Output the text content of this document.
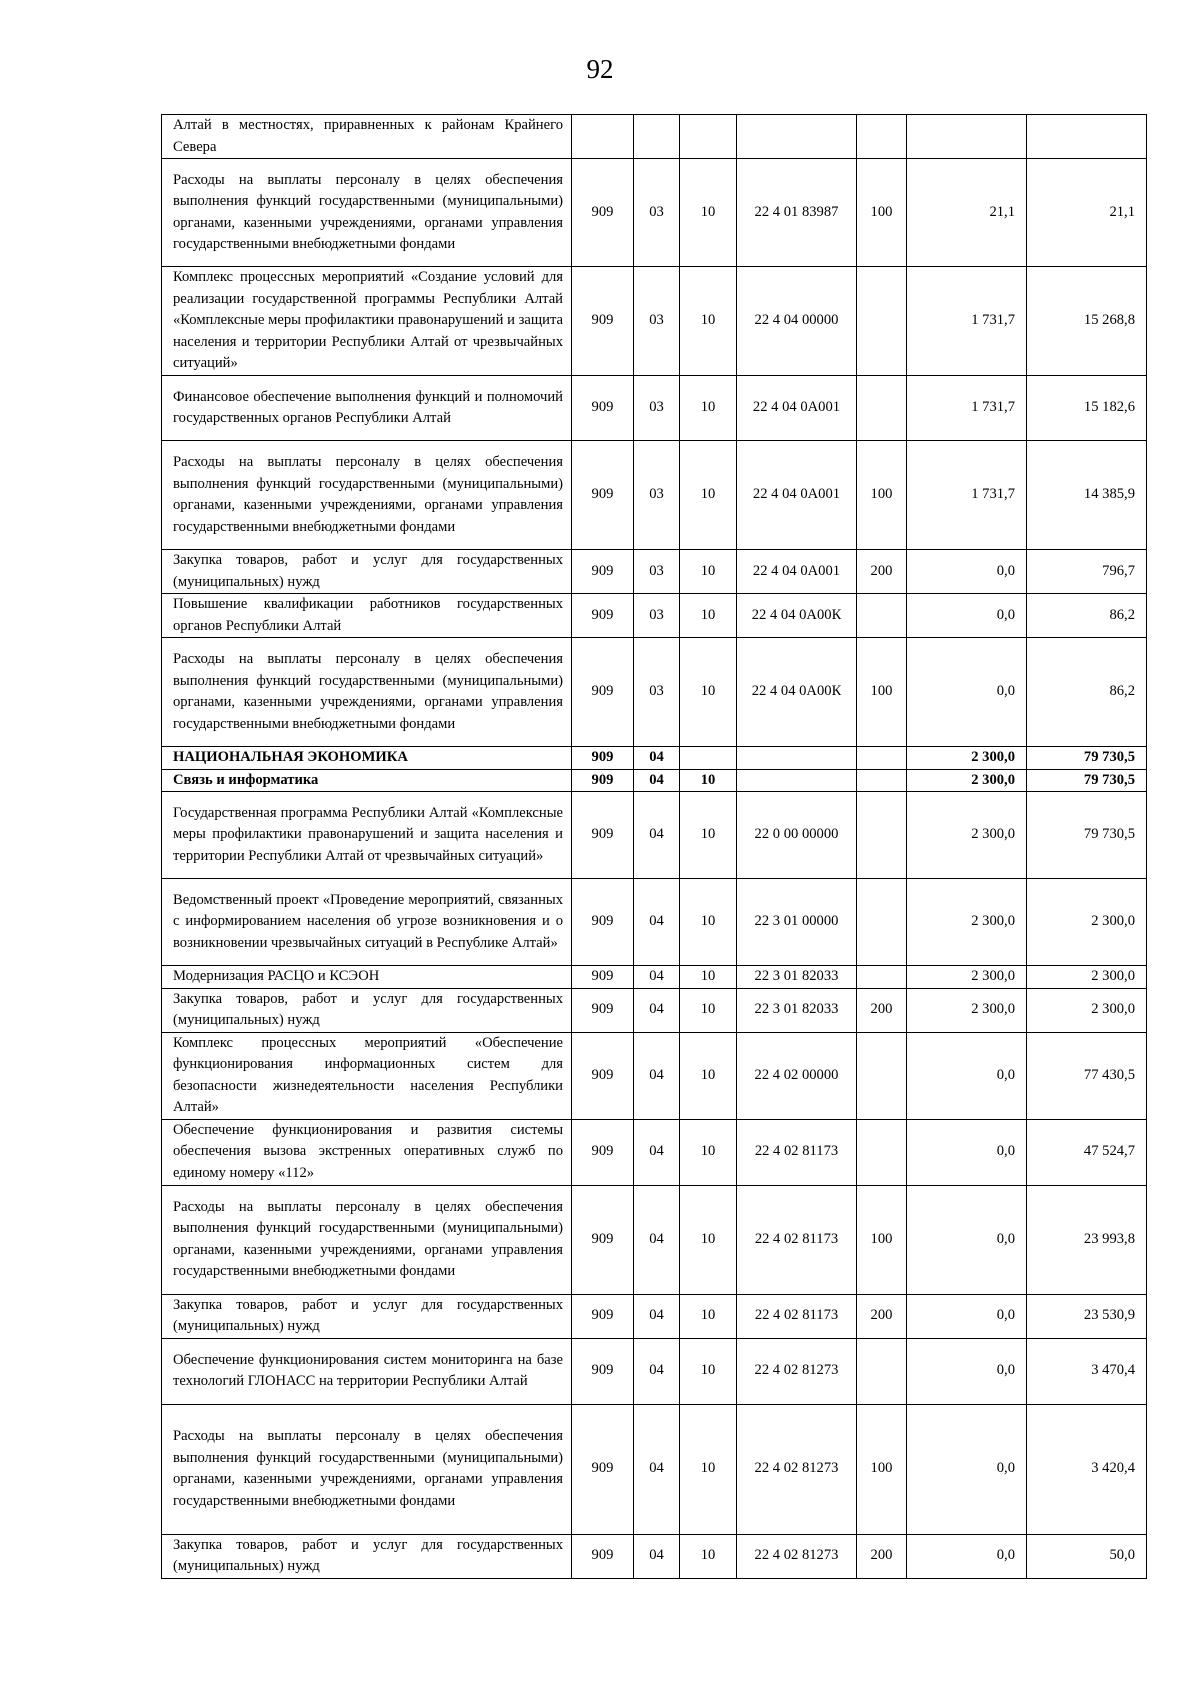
92
Алтай в местностях, приравненных к районам Крайнего Севера							
Расходы на выплаты персоналу в целях обеспечения выполнения функций государственными (муниципальными) органами, казенными учреждениями, органами управления государственными внебюджетными фондами	909	03	10	22 4 01 83987	100	21,1	21,1
Комплекс процессных мероприятий «Создание условий для реализации государственной программы Республики Алтай «Комплексные меры профилактики правонарушений и защита населения и территории Республики Алтай от чрезвычайных ситуаций»	909	03	10	22 4 04 00000		1 731,7	15 268,8
Финансовое обеспечение выполнения функций и полномочий государственных органов Республики Алтай	909	03	10	22 4 04 0А001		1 731,7	15 182,6
Расходы на выплаты персоналу в целях обеспечения выполнения функций государственными (муниципальными) органами, казенными учреждениями, органами управления государственными внебюджетными фондами	909	03	10	22 4 04 0А001	100	1 731,7	14 385,9
Закупка товаров, работ и услуг для государственных (муниципальных) нужд	909	03	10	22 4 04 0А001	200	0,0	796,7
Повышение квалификации работников государственных органов Республики Алтай	909	03	10	22 4 04 0А00К		0,0	86,2
Расходы на выплаты персоналу в целях обеспечения выполнения функций государственными (муниципальными) органами, казенными учреждениями, органами управления государственными внебюджетными фондами	909	03	10	22 4 04 0А00К	100	0,0	86,2
НАЦИОНАЛЬНАЯ ЭКОНОМИКА	909	04				2 300,0	79 730,5
Связь и информатика	909	04	10			2 300,0	79 730,5
Государственная программа Республики Алтай «Комплексные меры профилактики правонарушений и защита населения и территории Республики Алтай от чрезвычайных ситуаций»	909	04	10	22 0 00 00000		2 300,0	79 730,5
Ведомственный проект «Проведение мероприятий, связанных с информированием населения об угрозе возникновения и о возникновении чрезвычайных ситуаций в Республике Алтай»	909	04	10	22 3 01 00000		2 300,0	2 300,0
Модернизация РАСЦО и КСЭОН	909	04	10	22 3 01 82033		2 300,0	2 300,0
Закупка товаров, работ и услуг для государственных (муниципальных) нужд	909	04	10	22 3 01 82033	200	2 300,0	2 300,0
Комплекс процессных мероприятий «Обеспечение функционирования информационных систем для безопасности жизнедеятельности населения Республики Алтай»	909	04	10	22 4 02 00000		0,0	77 430,5
Обеспечение функционирования и развития системы обеспечения вызова экстренных оперативных служб по единому номеру «112»	909	04	10	22 4 02 81173		0,0	47 524,7
Расходы на выплаты персоналу в целях обеспечения выполнения функций государственными (муниципальными) органами, казенными учреждениями, органами управления государственными внебюджетными фондами	909	04	10	22 4 02 81173	100	0,0	23 993,8
Закупка товаров, работ и услуг для государственных (муниципальных) нужд	909	04	10	22 4 02 81173	200	0,0	23 530,9
Обеспечение функционирования систем мониторинга на базе технологий ГЛОНАСС на территории Республики Алтай	909	04	10	22 4 02 81273		0,0	3 470,4
Расходы на выплаты персоналу в целях обеспечения выполнения функций государственными (муниципальными) органами, казенными учреждениями, органами управления государственными внебюджетными фондами	909	04	10	22 4 02 81273	100	0,0	3 420,4
Закупка товаров, работ и услуг для государственных (муниципальных) нужд	909	04	10	22 4 02 81273	200	0,0	50,0
